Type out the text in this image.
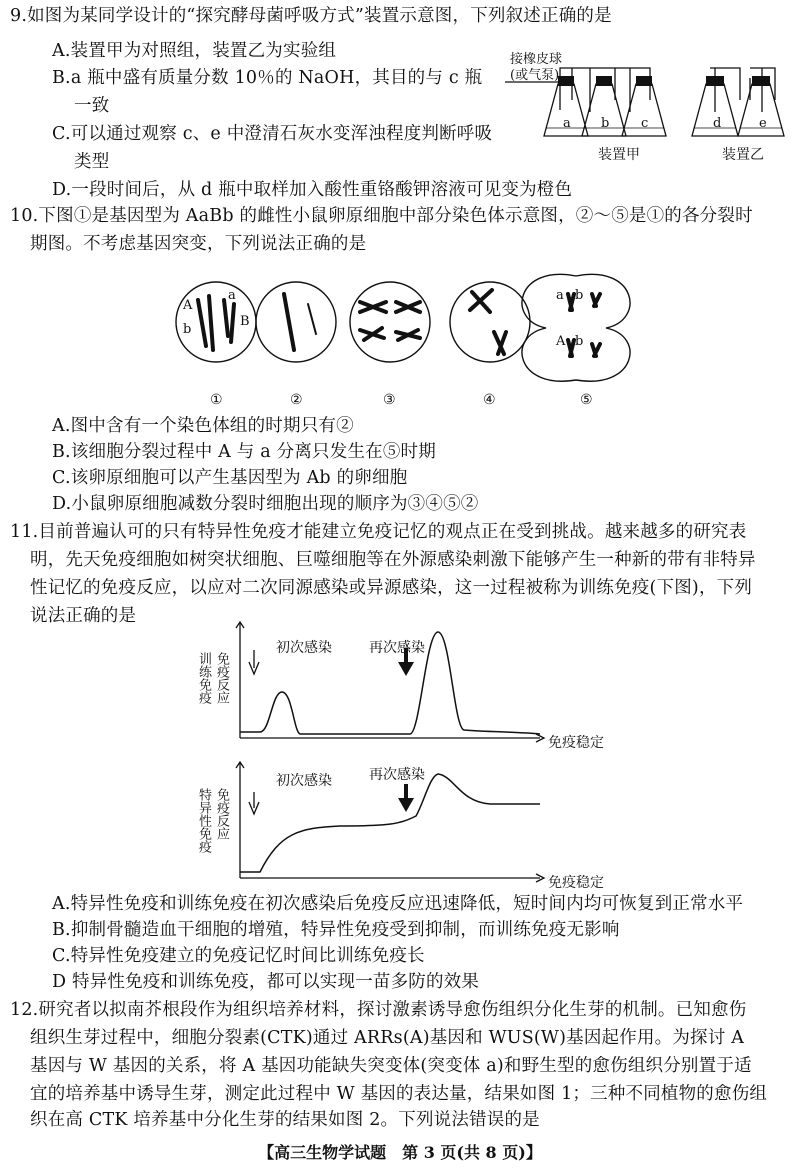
9.如图为某同学设计的“探究酵母菌呼吸方式”装置示意图，下列叙述正确的是
A.装置甲为对照组，装置乙为实验组
B.a 瓶中盛有质量分数 10％的 NaOH，其目的与 c 瓶
一致
C.可以通过观察 c、e 中澄清石灰水变浑浊程度判断呼吸
类型
D.一段时间后，从 d 瓶中取样加入酸性重铬酸钾溶液可见变为橙色
接橡皮球
(或气泵)
a b c	d	e
装置甲	装置乙
10.下图①是基因型为 AaBb 的雌性小鼠卵原细胞中部分染色体示意图，②～⑤是①的各分裂时
期图。不考虑基因突变，下列说法正确的是
A
b
a
B
a b
A b
①	②	③	④	⑤
A.图中含有一个染色体组的时期只有②
B.该细胞分裂过程中 A 与 a 分离只发生在⑤时期
C.该卵原细胞可以产生基因型为 Ab 的卵细胞
D.小鼠卵原细胞减数分裂时细胞出现的顺序为③④⑤②
11.目前普遍认可的只有特异性免疫才能建立免疫记忆的观点正在受到挑战。越来越多的研究表
明，先天免疫细胞如树突状细胞、巨噬细胞等在外源感染刺激下能够产生一种新的带有非特异
性记忆的免疫反应，以应对二次同源感染或异源感染，这一过程被称为训练免疫(下图)，下列
说法正确的是
初次感染	再次感染
免疫稳定
训练免疫 免疫反应
初次感染	再次感染
免疫稳定
特异性免疫 免疫反应
A.特异性免疫和训练免疫在初次感染后免疫反应迅速降低，短时间内均可恢复到正常水平
B.抑制骨髓造血干细胞的增殖，特异性免疫受到抑制，而训练免疫无影响
C.特异性免疫建立的免疫记忆时间比训练免疫长
D 特异性免疫和训练免疫，都可以实现一苗多防的效果
12.研究者以拟南芥根段作为组织培养材料，探讨激素诱导愈伤组织分化生芽的机制。已知愈伤
组织生芽过程中，细胞分裂素(CTK)通过 ARRs(A)基因和 WUS(W)基因起作用。为探讨 A
基因与 W 基因的关系，将 A 基因功能缺失突变体(突变体 a)和野生型的愈伤组织分别置于适
宜的培养基中诱导生芽，测定此过程中 W 基因的表达量，结果如图 1；三种不同植物的愈伤组
织在高 CTK 培养基中分化生芽的结果如图 2。下列说法错误的是
【高三生物学试题　第 3 页(共 8 页)】
